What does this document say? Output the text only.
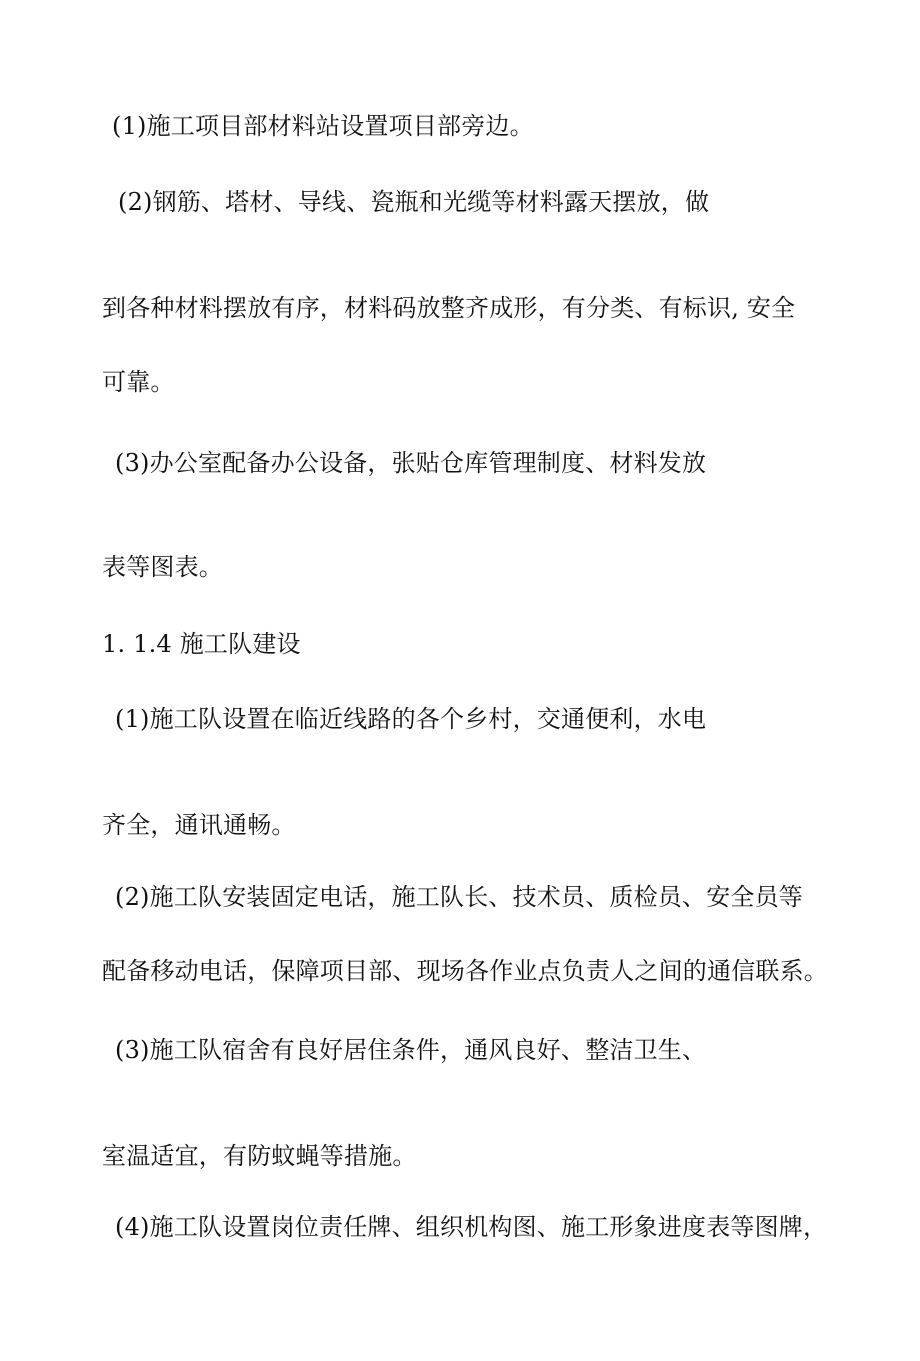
(1)施工项目部材料站设置项目部旁边。
(2)钢筋、塔材、导线、瓷瓶和光缆等材料露天摆放，做
到各种材料摆放有序，材料码放整齐成形，有分类、有标识, 安全
可靠。
(3)办公室配备办公设备，张贴仓库管理制度、材料发放
表等图表。
1. 1.4 施工队建设
(1)施工队设置在临近线路的各个乡村，交通便利，水电
齐全，通讯通畅。
(2)施工队安装固定电话，施工队长、技术员、质检员、安全员等
配备移动电话，保障项目部、现场各作业点负责人之间的通信联系。
(3)施工队宿舍有良好居住条件，通风良好、整洁卫生、
室温适宜，有防蚊蝇等措施。
(4)施工队设置岗位责任牌、组织机构图、施工形象进度表等图牌，
